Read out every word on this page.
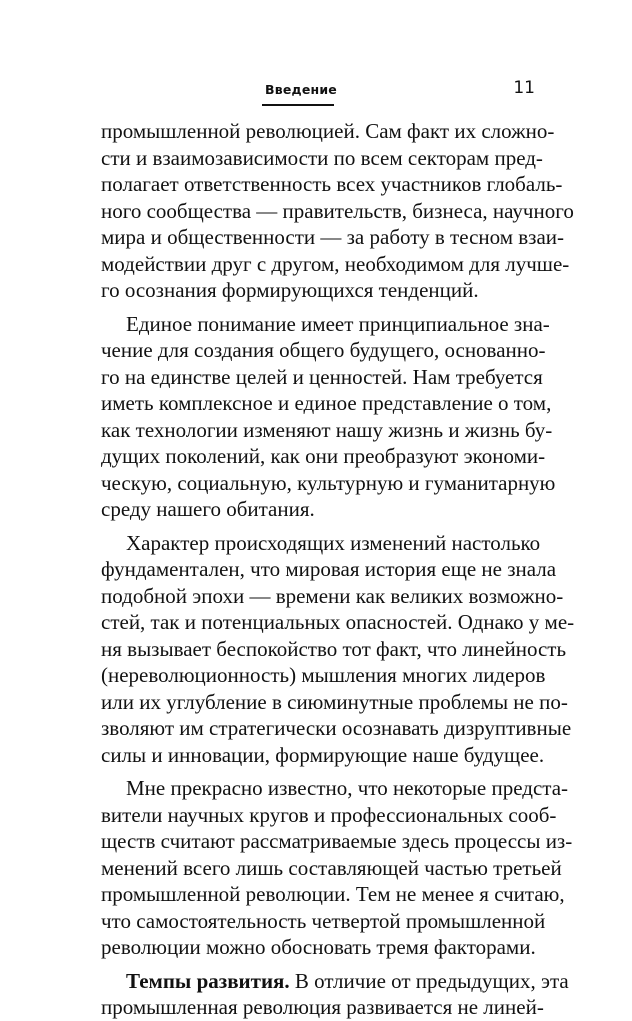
Введение	11
промышленной революцией. Сам факт их сложно-
сти и взаимозависимости по всем секторам пред-
полагает ответственность всех участников глобаль-
ного сообщества — правительств, бизнеса, научного
мира и общественности — за работу в тесном взаи-
модействии друг с другом, необходимом для лучше-
го осознания формирующихся тенденций.
Единое понимание имеет принципиальное зна-
чение для создания общего будущего, основанно-
го на единстве целей и ценностей. Нам требуется
иметь комплексное и единое представление о том,
как технологии изменяют нашу жизнь и жизнь бу-
дущих поколений, как они преобразуют экономи-
ческую, социальную, культурную и гуманитарную
среду нашего обитания.
Характер происходящих изменений настолько
фундаментален, что мировая история еще не знала
подобной эпохи — времени как великих возможно-
стей, так и потенциальных опасностей. Однако у ме-
ня вызывает беспокойство тот факт, что линейность
(нереволюционность) мышления многих лидеров
или их углубление в сиюминутные проблемы не по-
зволяют им стратегически осознавать дизруптивные
силы и инновации, формирующие наше будущее.
Мне прекрасно известно, что некоторые предста-
вители научных кругов и профессиональных сооб-
ществ считают рассматриваемые здесь процессы из-
менений всего лишь составляющей частью третьей
промышленной революции. Тем не менее я считаю,
что самостоятельность четвертой промышленной
революции можно обосновать тремя факторами.
Темпы развития. В отличие от предыдущих, эта
промышленная революция развивается не линей-
